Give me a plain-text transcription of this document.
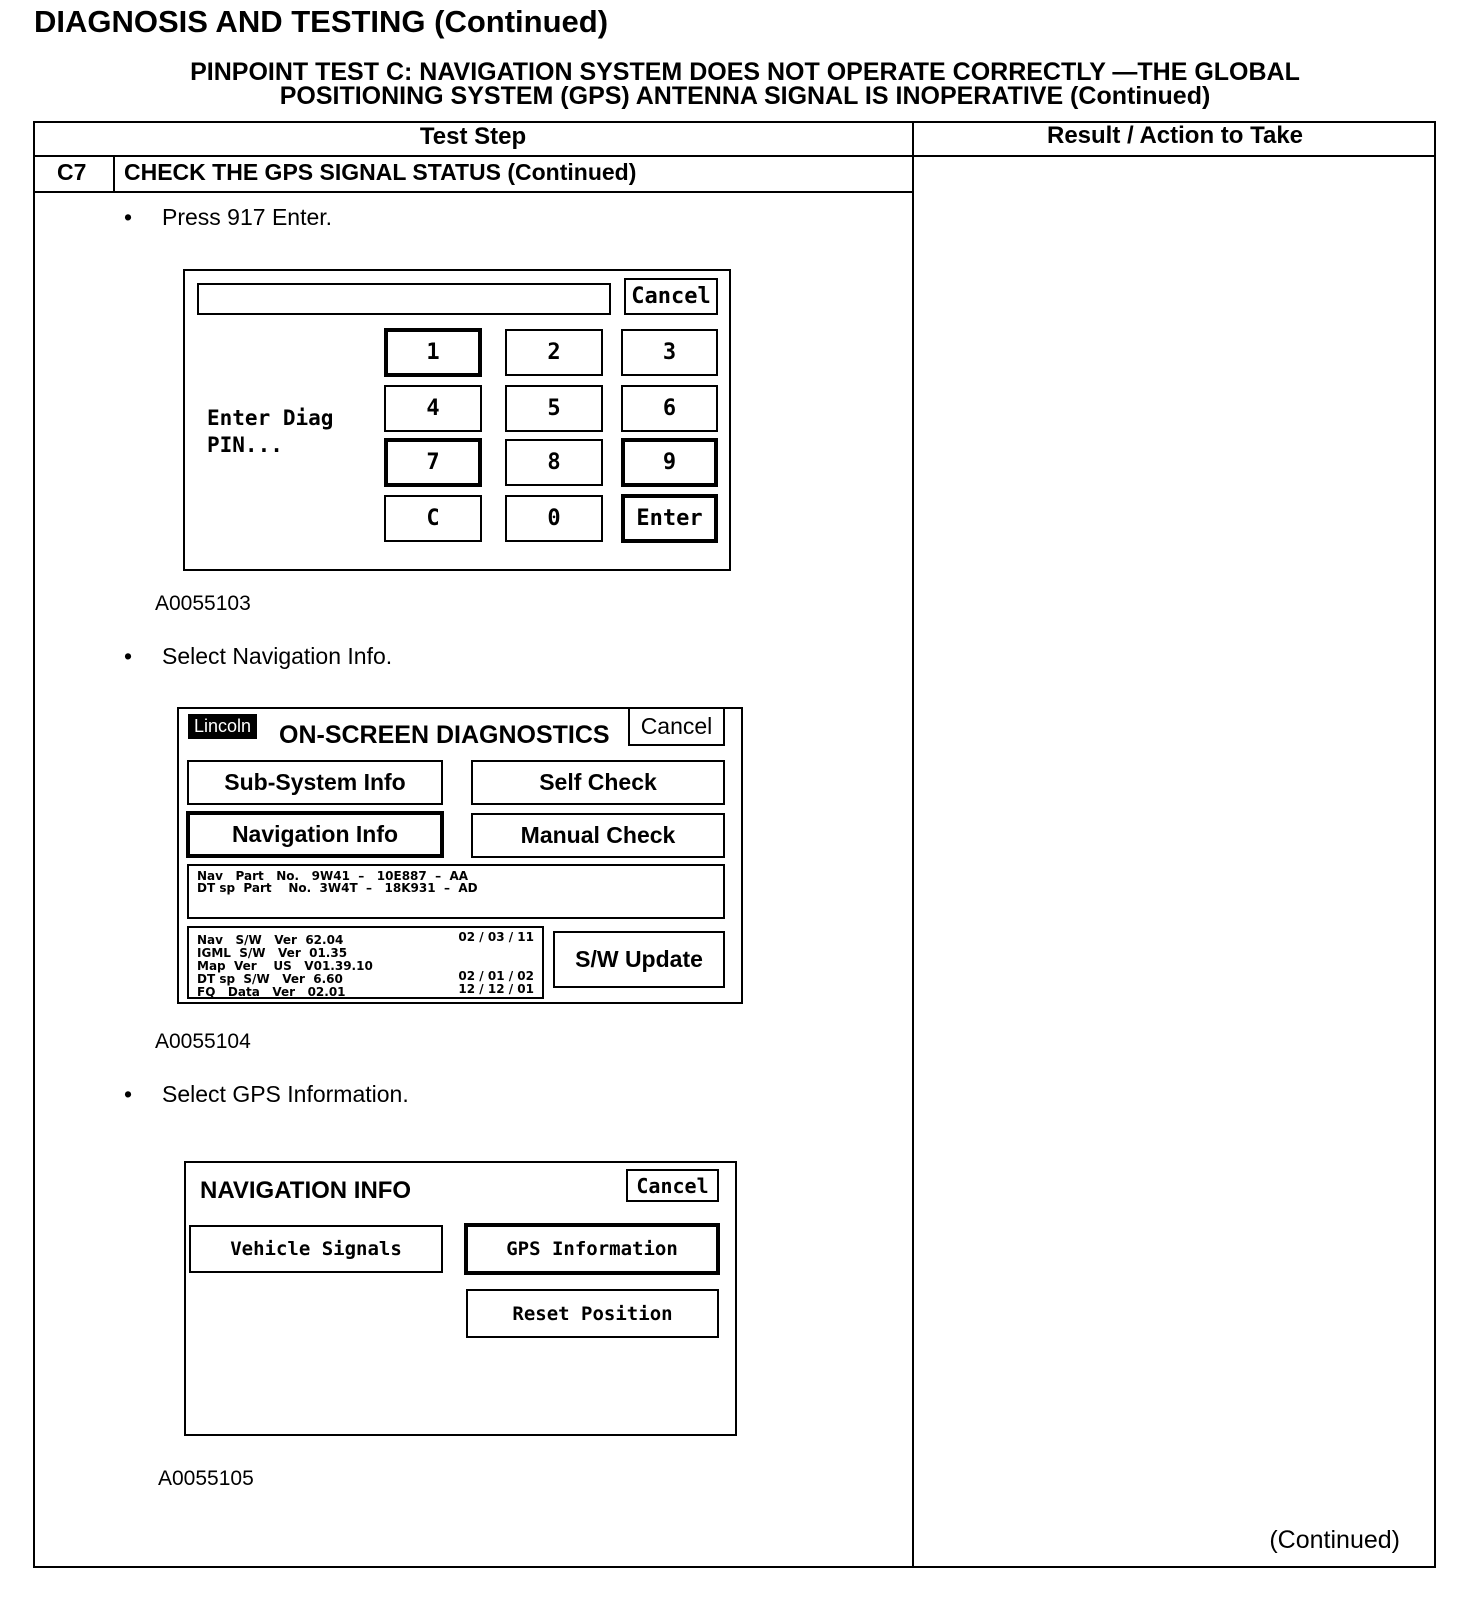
DIAGNOSIS AND TESTING (Continued)
PINPOINT TEST C: NAVIGATION SYSTEM DOES NOT OPERATE CORRECTLY —THE GLOBAL
POSITIONING SYSTEM (GPS) ANTENNA SIGNAL IS INOPERATIVE (Continued)
Test Step	Result / Action to Take
C7 CHECK THE GPS SIGNAL STATUS (Continued)
• Press 917 Enter.
Cancel
Enter Diag
PIN...
1	2	3
4	5	6
7	8	9
C	0	Enter
A0055103
• Select Navigation Info.
Lincoln ON-SCREEN DIAGNOSTICS	Cancel
Sub-System Info	Self Check
Navigation Info	Manual Check
Nav   Part   No.   9W41  –   10E887  –  AA
DT sp  Part    No.  3W4T  –   18K931  –  AD
Nav   S/W   Ver  62.04	02 / 03 / 11
IGML  S/W   Ver  01.35
Map  Ver    US   V01.39.10
DT sp  S/W   Ver  6.60	02 / 01 / 02
FQ   Data   Ver   02.01	12 / 12 / 01
S/W Update
A0055104
• Select GPS Information.
NAVIGATION INFO	Cancel
Vehicle Signals	GPS Information
Reset Position
A0055105
(Continued)
